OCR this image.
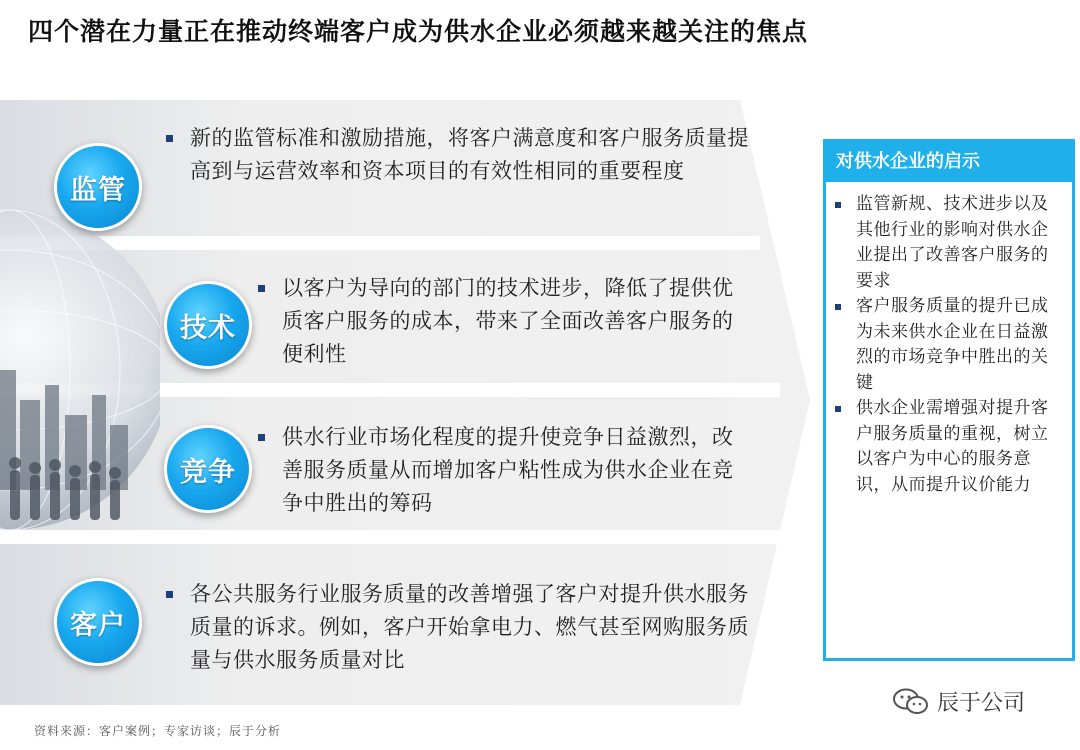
四个潜在力量正在推动终端客户成为供水企业必须越来越关注的焦点
监管
新的监管标准和激励措施，将客户满意度和客户服务质量提高到与运营效率和资本项目的有效性相同的重要程度
技术
以客户为导向的部门的技术进步，降低了提供优质客户服务的成本，带来了全面改善客户服务的便利性
竞争
供水行业市场化程度的提升使竞争日益激烈，改善服务质量从而增加客户粘性成为供水企业在竞争中胜出的筹码
客户
各公共服务行业服务质量的改善增强了客户对提升供水服务质量的诉求。例如，客户开始拿电力、燃气甚至网购服务质量与供水服务质量对比
对供水企业的启示
监管新规、技术进步以及其他行业的影响对供水企业提出了改善客户服务的要求
客户服务质量的提升已成为未来供水企业在日益激烈的市场竞争中胜出的关键
供水企业需增强对提升客户服务质量的重视，树立以客户为中心的服务意识，从而提升议价能力
资料来源：客户案例；专家访谈；辰于分析
辰于公司
